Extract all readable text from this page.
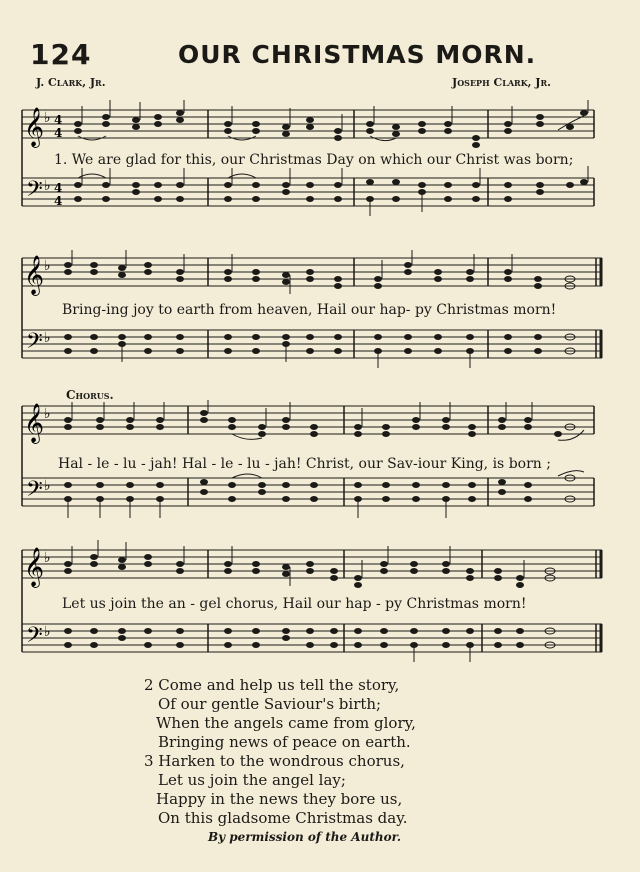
124	OUR CHRISTMAS MORN.
J. Clark, Jr.	Joseph Clark, Jr.
𝄞
𝄢
♭
♭
4
4
4
4
1. We are glad for this, our Christmas Day on which our Christ was born;
𝄞
𝄢
♭
♭
Bring-ing joy to earth from heaven, Hail our hap- py Christmas morn!
Chorus.
𝄞
𝄢
♭
♭
Hal - le - lu - jah! Hal - le - lu - jah! Christ, our Sav-iour King, is born ;
𝄞
𝄢
♭
♭
Let us join the an - gel chorus, Hail our hap - py Christmas morn!
2 Come and help us tell the story,
Of our gentle Saviour's birth;
When the angels came from glory,
Bringing news of peace on earth.
3 Harken to the wondrous chorus,
Let us join the angel lay;
Happy in the news they bore us,
On this gladsome Christmas day.
By permission of the Author.
